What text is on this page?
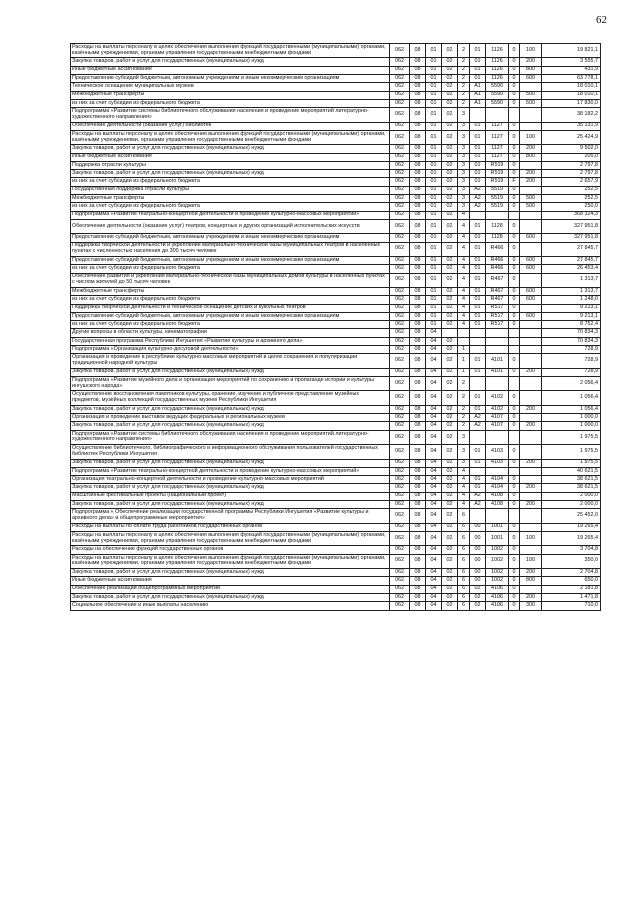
62
Расходы на выплаты персоналу в целях обеспечения выполнения функций государственными (муниципальными) органами, казёнными учреждениями, органами управления государственными внебюджетными фондами	062	08	01	02	2	01	1126	0	100	19 821,1
Закупка товаров, работ и услуг для государственных (муниципальных) нужд	062	08	01	02	2	01	1126	0	200	3 555,7
Иные бюджетные ассигнования	062	08	01	02	2	01	1126	0	800	431,9
Предоставление субсидий бюджетным, автономным учреждениям и иным некоммерческим организациям	062	08	01	02	2	01	1126	0	600	63 778,1
Техническое оснащение муниципальных музеев	062	08	01	02	2	A1	5590	0		18 010,1
Межбюджетные трансферты	062	08	01	02	2	A1	5590	0	500	18 010,1
из них за счет субсидии из федерального бюджета	062	08	01	02	2	A1	5590	0	500	17 830,0
Подпрограмма «Развитие системы библиотечного обслуживания населения и проведение мероприятий литературно-художественного направления»	062	08	01	02	3					38 182,2
Обеспечение деятельности (оказание услуг) библиотек	062	08	01	02	3	01	1127	0		35 131,9
Расходы на выплаты персоналу в целях обеспечения выполнения функций государственными (муниципальными) органами, казёнными учреждениями, органами управления государственными внебюджетными фондами	062	08	01	02	3	01	1127	0	100	25 424,9
Закупка товаров, работ и услуг для государственных (муниципальных) нужд	062	08	01	02	3	01	1127	0	200	9 502,0
Иные бюджетные ассигнования	062	08	01	02	3	01	1127	0	800	205,0
Поддержка отрасли культуры	062	08	01	02	3	01	R519	0		2 797,8
Закупка товаров, работ и услуг для государственных (муниципальных) нужд	062	08	01	02	3	01	R519	0	200	2 797,8
из них за счет субсидии из федерального бюджета	062	08	01	02	3	01	R519	F	200	2 657,9
Государственная поддержка отрасли культуры	062	08	01	02	3	A2	5519	0		252,5
Межбюджетные трансферты	062	08	01	02	3	A2	5519	0	500	252,5
из них за счет субсидии из федерального бюджета	062	08	01	02	3	A2	5519	0	500	250,0
Подпрограмма «Развитие театрально-концертной деятельности и проведение культурно-массовых мероприятий»	062	08	01	02	4					368 324,3
Обеспечение деятельности (оказание услуг) театров, концертных и других организаций исполнительских искусств	062	08	01	02	4	01	1128	0		327 951,8
Предоставление субсидий бюджетным, автономным учреждениям и иным некоммерческим организациям	062	08	01	02	4	01	1128	0	600	327 951,8
Поддержка творческой деятельности и укрепление материально-технической базы муниципальных театров в населенных пунктах с численностью населения до 300 тысяч человек	062	08	01	02	4	01	R466	0		27 845,7
Предоставление субсидий бюджетным, автономным учреждениям и иным некоммерческим организациям	062	08	01	02	4	01	R466	0	600	27 845,7
из них за счет субсидии из федерального бюджета	062	08	01	02	4	01	R466	0	600	26 453,4
Обеспечение развития и укрепления материально-технической базы муниципальных домов культуры в населенных пунктах с числом жителей до 50 тысяч человек	062	08	01	02	4	01	R467	0		1 313,7
Межбюджетные трансферты	062	08	01	02	4	01	R467	0	600	1 313,7
из них за счет субсидии из федерального бюджета	062	08	01	02	4	01	R467	0	600	1 248,0
Поддержка творческой деятельности и техническое оснащение детских и кукольных театров	062	08	01	02	4	01	R517	0		9 213,1
Предоставление субсидий бюджетным, автономным учреждениям и иным некоммерческим организациям	062	08	01	02	4	01	R517	0	600	9 213,1
из них за счет субсидии из федерального бюджета	062	08	01	02	4	01	R517	0		8 752,4
Другие вопросы в области культуры, кинематографии	062	08	04							70 834,3
Государственная программа Республики Ингушетия «Развитие культуры и архивного дела»	062	08	04	02						70 834,3
Подпрограмма «Организация культурно-досуговой деятельности»	062	08	04	02	1					728,9
Организация и проведение в республике культурно-массовых мероприятий в целях сохранения и популяризации традиционной народной культуры	062	08	04	02	1	01	4101	0		728,9
Закупка товаров, работ и услуг для государственных (муниципальных) нужд	062	08	04	02	1	01	4101	0	200	728,9
Подпрограмма «Развитие музейного дела и организация мероприятий по сохранению и пропаганде истории и культуры ингушского народа»	062	08	04	02	2					2 056,4
Осуществление восстановления памятников культуры, хранение, изучение и публичное представление музейных предметов, музейных коллекций государственных музеев Республики Ингушетия	062	08	04	02	2	01	4102	0		1 056,4
Закупка товаров, работ и услуг для государственных (муниципальных) нужд	062	08	04	02	2	01	4102	0	200	1 056,4
Организация и проведение выставок ведущих федеральных и региональных музеев	062	08	04	02	2	A2	4107	0		1 000,0
Закупка товаров, работ и услуг для государственных (муниципальных) нужд	062	08	04	02	2	A2	4107	0	200	1 000,0
Подпрограмма «Развитие системы библиотечного обслуживания населения и проведение мероприятий литературно-художественного направления»	062	08	04	02	3					1 975,5
Осуществление библиотечного, библиографического и информационного обслуживания пользователей государственных библиотек Республики Ингушетия	062	08	04	02	3	01	4103	0		1 975,5
Закупка товаров, работ и услуг для государственных (муниципальных) нужд	062	08	04	02	3	01	4103	0	200	1 975,5
Подпрограмма «Развитие театрально-концертной деятельности и проведение культурно-массовых мероприятий»	062	08	04	02	4					40 621,5
Организация театрально-концертной деятельности и проведение культурно-массовых мероприятий	062	08	04	02	4	01	4104	0		38 621,5
Закупка товаров, работ и услуг для государственных (муниципальных) нужд	062	08	04	02	4	01	4104	0	200	38 621,5
Масштабные фестивальные проекты (национальный проект)	062	08	04	02	4	A2	4108	0		2 000,0
Закупка товаров, работ и услуг для государственных (муниципальных) нужд	062	08	04	02	4	A2	4108	0	200	2 000,0
Подпрограмма « Обеспечение реализации государственной программы Республики Ингушетия «Развитие культуры и архивного дела» и общепрограммные мероприятия»	062	08	04	02	6					25 452,0
Расходы на выплаты по оплате труда работников государственных органов	062	08	04	02	6	00	1001	0		19 265,4
Расходы на выплаты персоналу в целях обеспечения выполнения функций государственными (муниципальными) органами, казёнными учреждениями, органами управления государственными внебюджетными фондами	062	08	04	02	6	00	1001	0	100	19 265,4
Расходы на обеспечение функций государственных органов	062	08	04	02	6	00	1002	0		3 704,8
Расходы на выплаты персоналу в целях обеспечения выполнения функций государственными (муниципальными) органами, казёнными учреждениями, органами управления государственными внебюджетными фондами	062	08	04	02	6	00	1002	0	100	350,0
Закупка товаров, работ и услуг для государственных (муниципальных) нужд	062	08	04	02	6	00	1002	0	200	2 704,8
Иные бюджетные ассигнования	062	08	04	02	6	00	1002	0	800	650,0
Обеспечение реализации общепрограммных мероприятий	062	08	04	02	6	02	4106	0		2 181,8
Закупка товаров, работ и услуг для государственных (муниципальных) нужд	062	08	04	02	6	02	4106	0	200	1 471,8
Социальное обеспечение и иные выплаты населению	062	08	04	02	6	02	4106	0	300	710,0
